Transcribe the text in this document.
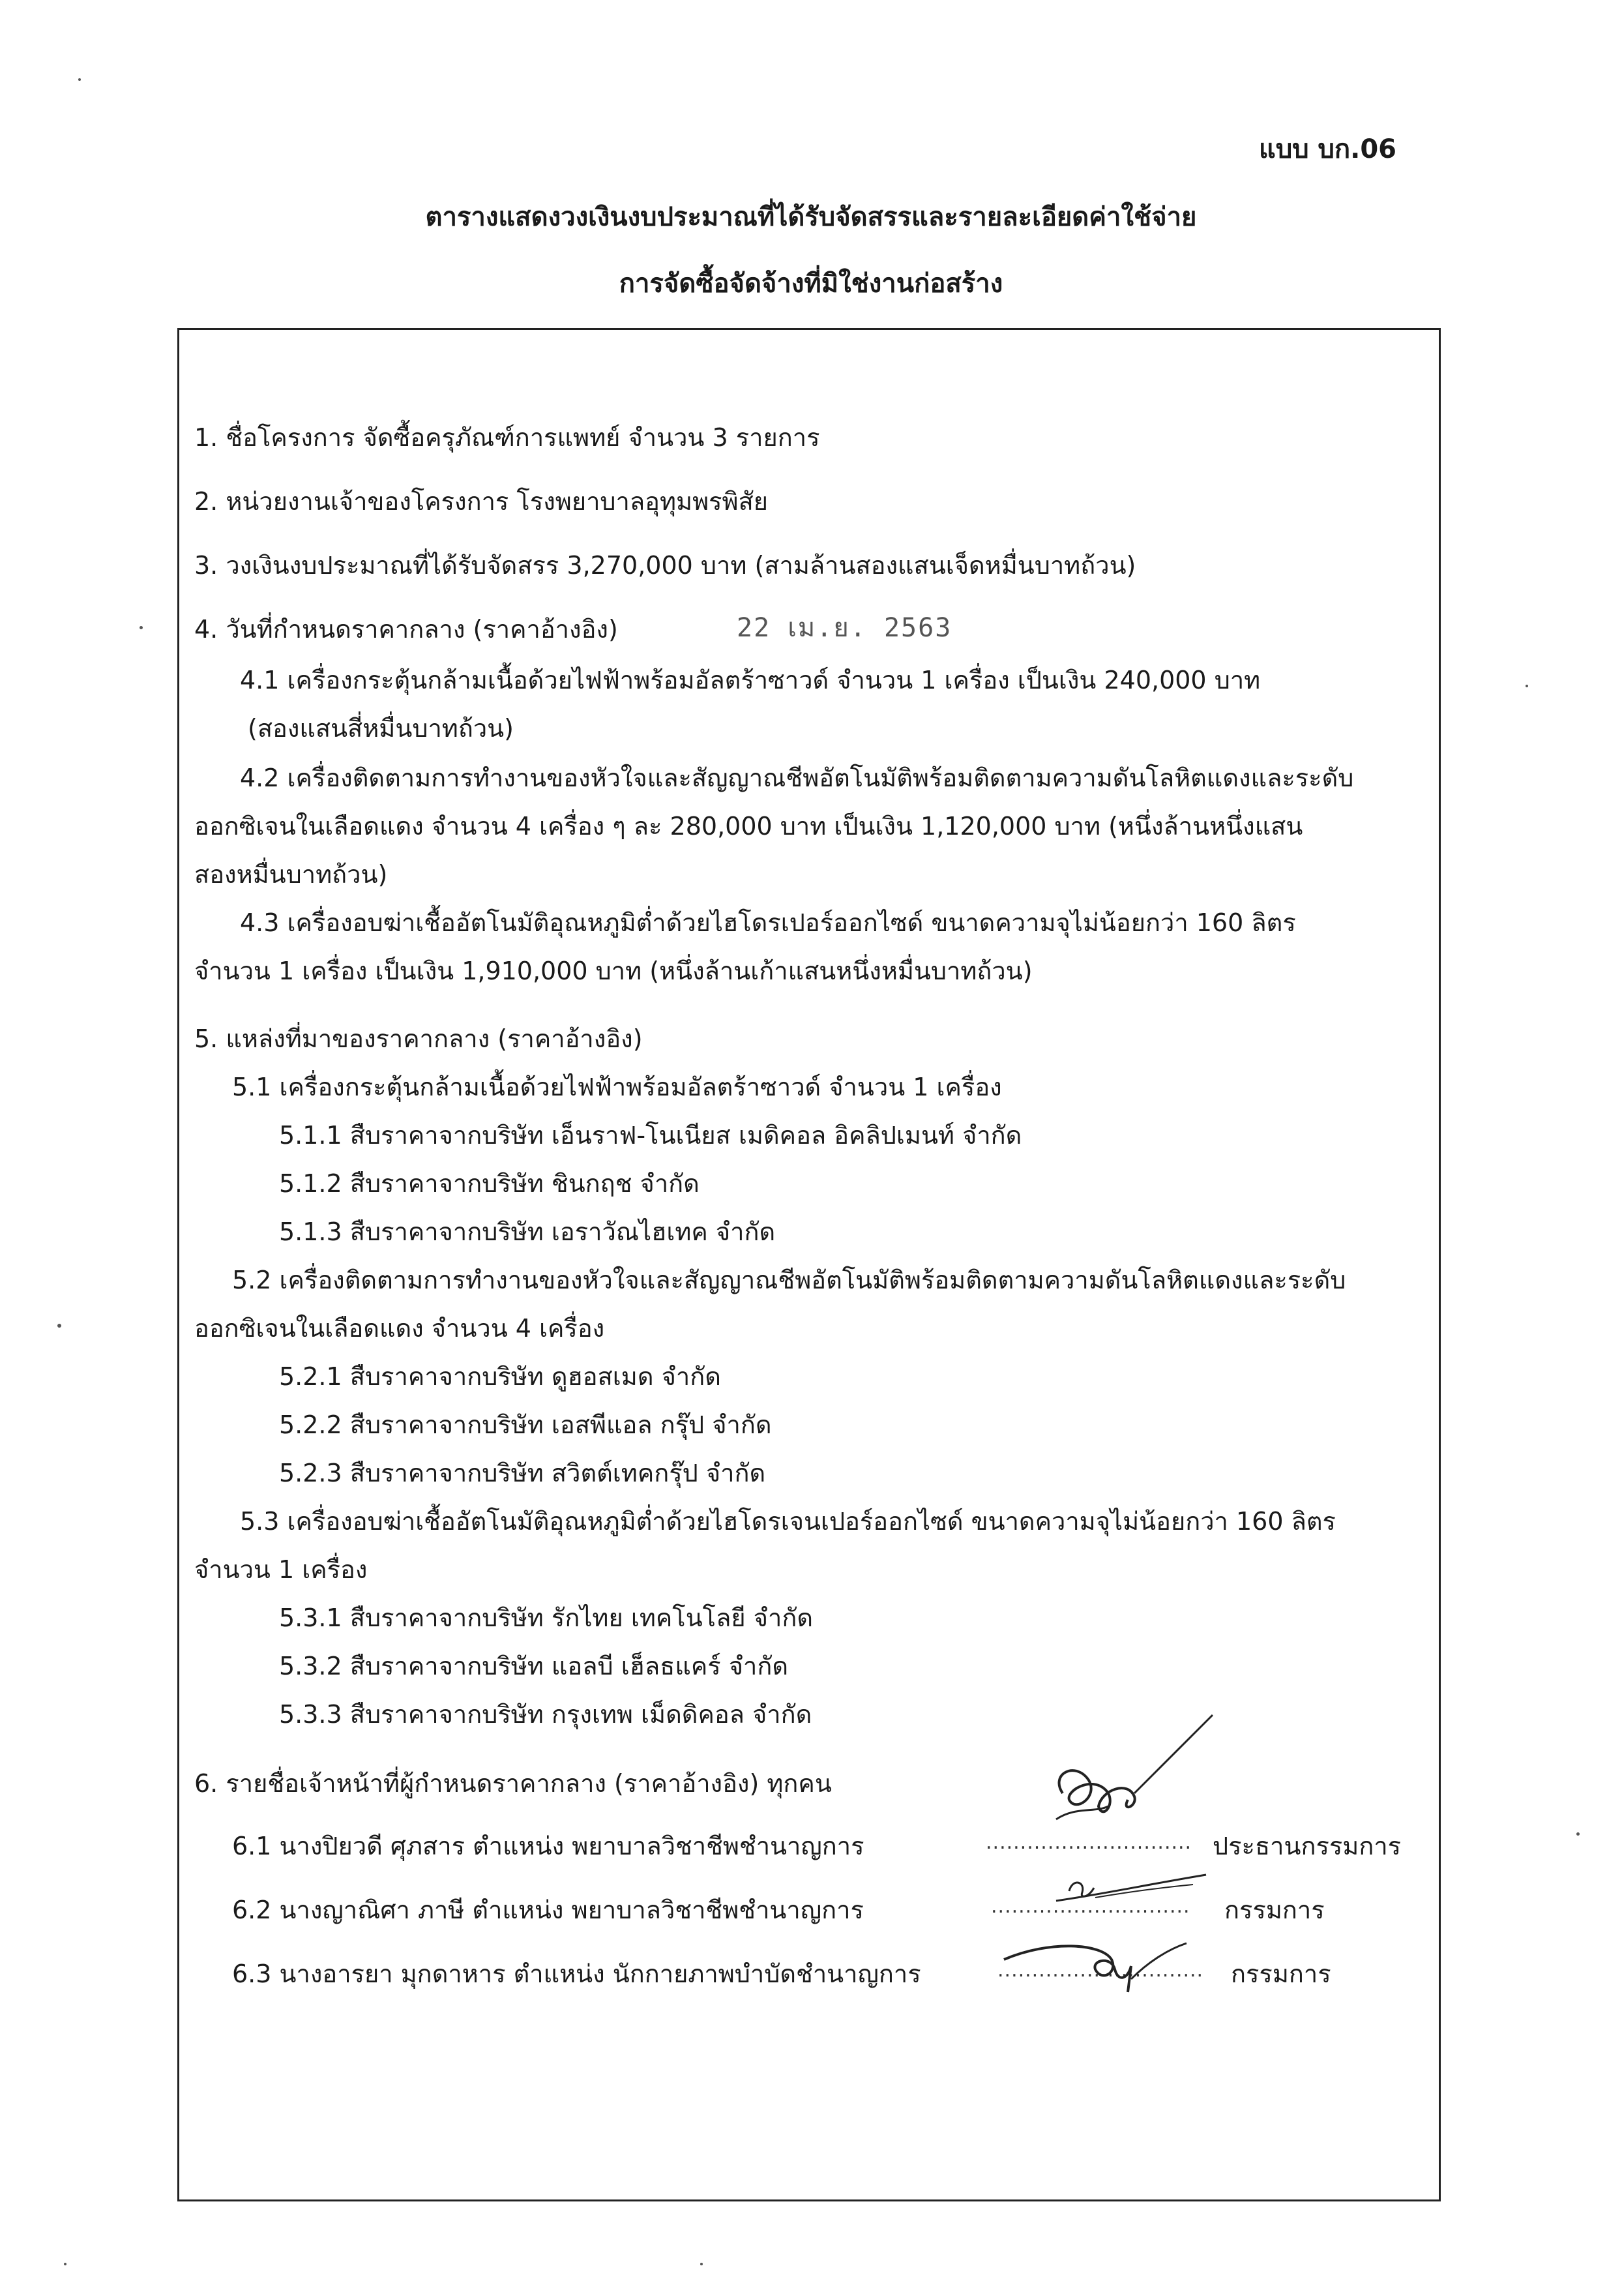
แบบ บก.06
ตารางแสดงวงเงินงบประมาณที่ได้รับจัดสรรและรายละเอียดค่าใช้จ่าย
การจัดซื้อจัดจ้างที่มิใช่งานก่อสร้าง
1. ชื่อโครงการ จัดซื้อครุภัณฑ์การแพทย์ จำนวน 3 รายการ
2. หน่วยงานเจ้าของโครงการ โรงพยาบาลอุทุมพรพิสัย
3. วงเงินงบประมาณที่ได้รับจัดสรร 3,270,000 บาท (สามล้านสองแสนเจ็ดหมื่นบาทถ้วน)
4. วันที่กำหนดราคากลาง (ราคาอ้างอิง)	22 เม.ย. 2563
4.1 เครื่องกระตุ้นกล้ามเนื้อด้วยไฟฟ้าพร้อมอัลตร้าซาวด์ จำนวน 1 เครื่อง เป็นเงิน 240,000 บาท
(สองแสนสี่หมื่นบาทถ้วน)
4.2 เครื่องติดตามการทำงานของหัวใจและสัญญาณชีพอัตโนมัติพร้อมติดตามความดันโลหิตแดงและระดับ
ออกซิเจนในเลือดแดง จำนวน 4 เครื่อง ๆ ละ 280,000 บาท เป็นเงิน 1,120,000 บาท (หนึ่งล้านหนึ่งแสน
สองหมื่นบาทถ้วน)
4.3 เครื่องอบฆ่าเชื้ออัตโนมัติอุณหภูมิต่ำด้วยไฮโดรเปอร์ออกไซด์ ขนาดความจุไม่น้อยกว่า 160 ลิตร
จำนวน 1 เครื่อง เป็นเงิน 1,910,000 บาท (หนึ่งล้านเก้าแสนหนึ่งหมื่นบาทถ้วน)
5. แหล่งที่มาของราคากลาง (ราคาอ้างอิง)
5.1 เครื่องกระตุ้นกล้ามเนื้อด้วยไฟฟ้าพร้อมอัลตร้าซาวด์ จำนวน 1 เครื่อง
5.1.1 สืบราคาจากบริษัท เอ็นราฟ-โนเนียส เมดิคอล อิคลิปเมนท์ จำกัด
5.1.2 สืบราคาจากบริษัท ชินกฤช จำกัด
5.1.3 สืบราคาจากบริษัท เอราวัณไฮเทค จำกัด
5.2 เครื่องติดตามการทำงานของหัวใจและสัญญาณชีพอัตโนมัติพร้อมติดตามความดันโลหิตแดงและระดับ
ออกซิเจนในเลือดแดง จำนวน 4 เครื่อง
5.2.1 สืบราคาจากบริษัท ดูฮอสเมด จำกัด
5.2.2 สืบราคาจากบริษัท เอสพีแอล กรุ๊ป จำกัด
5.2.3 สืบราคาจากบริษัท สวิตต์เทคกรุ๊ป จำกัด
5.3 เครื่องอบฆ่าเชื้ออัตโนมัติอุณหภูมิต่ำด้วยไฮโดรเจนเปอร์ออกไซด์ ขนาดความจุไม่น้อยกว่า 160 ลิตร
จำนวน 1 เครื่อง
5.3.1 สืบราคาจากบริษัท รักไทย เทคโนโลยี จำกัด
5.3.2 สืบราคาจากบริษัท แอลบี เฮ็ลธแคร์ จำกัด
5.3.3 สืบราคาจากบริษัท กรุงเทพ เม็ดดิคอล จำกัด
6. รายชื่อเจ้าหน้าที่ผู้กำหนดราคากลาง (ราคาอ้างอิง) ทุกคน
6.1 นางปิยวดี ศุภสาร ตำแหน่ง พยาบาลวิชาชีพชำนาญการ	.............................. ประธานกรรมการ
6.2 นางญาณิศา ภาษี ตำแหน่ง พยาบาลวิชาชีพชำนาญการ	............................. กรรมการ
6.3 นางอารยา มุกดาหาร ตำแหน่ง นักกายภาพบำบัดชำนาญการ	.............................. กรรมการ
